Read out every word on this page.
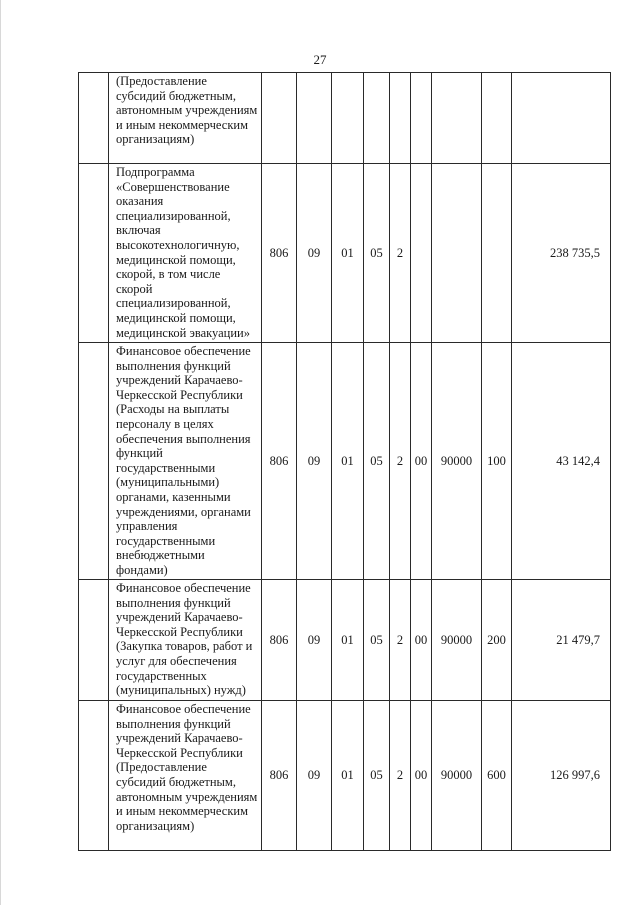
27
	(Предоставление субсидий бюджетным, автономным учреждениям и иным некоммерческим организациям)									
	Подпрограмма «Совершенствование оказания специализированной, включая высокотехнологичную, медицинской помощи, скорой, в том числе скорой специализированной, медицинской помощи, медицинской эвакуации»	806	09	01	05	2				238 735,5
	Финансовое обеспечение выполнения функций учреждений Карачаево-Черкесской Республики (Расходы на выплаты персоналу в целях обеспечения выполнения функций государственными (муниципальными) органами, казенными учреждениями, органами управления государственными внебюджетными фондами)	806	09	01	05	2	00	90000	100	43 142,4
	Финансовое обеспечение выполнения функций учреждений Карачаево-Черкесской Республики (Закупка товаров, работ и услуг для обеспечения государственных (муниципальных) нужд)	806	09	01	05	2	00	90000	200	21 479,7
	Финансовое обеспечение выполнения функций учреждений Карачаево-Черкесской Республики (Предоставление субсидий бюджетным, автономным учреждениям и иным некоммерческим организациям)	806	09	01	05	2	00	90000	600	126 997,6
